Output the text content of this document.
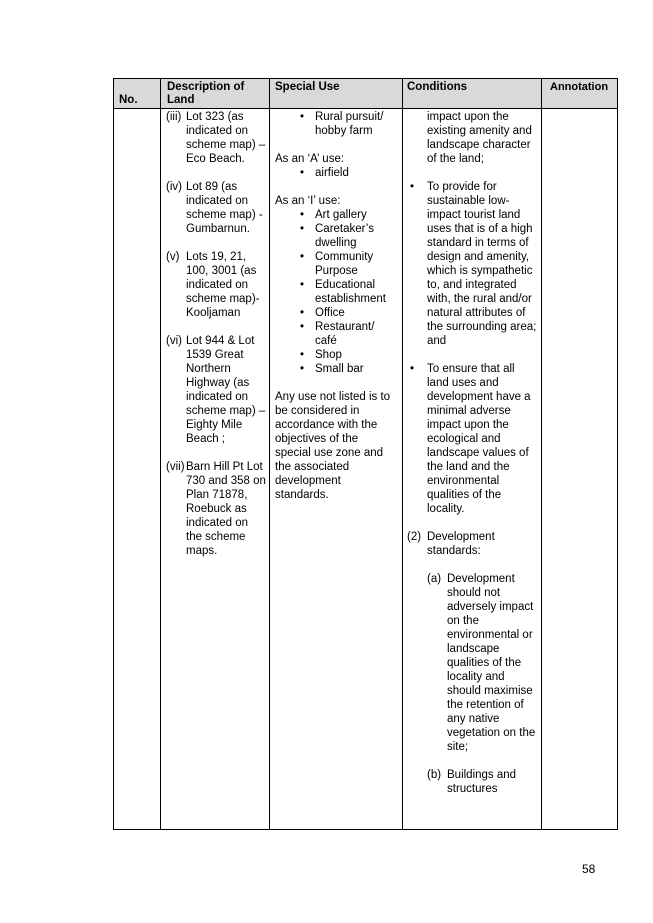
No.
Description of Land
Special Use	Conditions	Annotation
(iii) Lot 323 (as indicated on scheme map) – Eco Beach.
(iv) Lot 89 (as indicated on scheme map) -Gumbarnun.
(v) Lots 19, 21, 100, 3001 (as indicated on scheme map)- Kooljaman
(vi) Lot 944 & Lot 1539 Great Northern Highway (as indicated on scheme map) – Eighty Mile Beach ;
(vii) Barn Hill Pt Lot 730 and 358 on Plan 71878, Roebuck as indicated on the scheme maps.

• Rural pursuit/ hobby farm

As an ‘A’ use:

• airfield

As an ‘I’ use:

• Art gallery

• Caretaker’s dwelling

• Community Purpose

• Educational establishment

• Office

• Restaurant/ café

• Shop

• Small bar

Any use not listed is to be considered in accordance with the objectives of the special use zone and the associated development standards.

impact upon the existing amenity and landscape character of the land;

• To provide for sustainable low-impact tourist land uses that is of a high standard in terms of design and amenity, which is sympathetic to, and integrated with, the rural and/or natural attributes of the surrounding area; and

• To ensure that all land uses and development have a minimal adverse impact upon the ecological and landscape values of the land and the environmental qualities of the locality.

(2) Development standards:
(a) Development should not adversely impact on the environmental or landscape qualities of the locality and should maximise the retention of any native vegetation on the site;
(b) Buildings and structures
58
